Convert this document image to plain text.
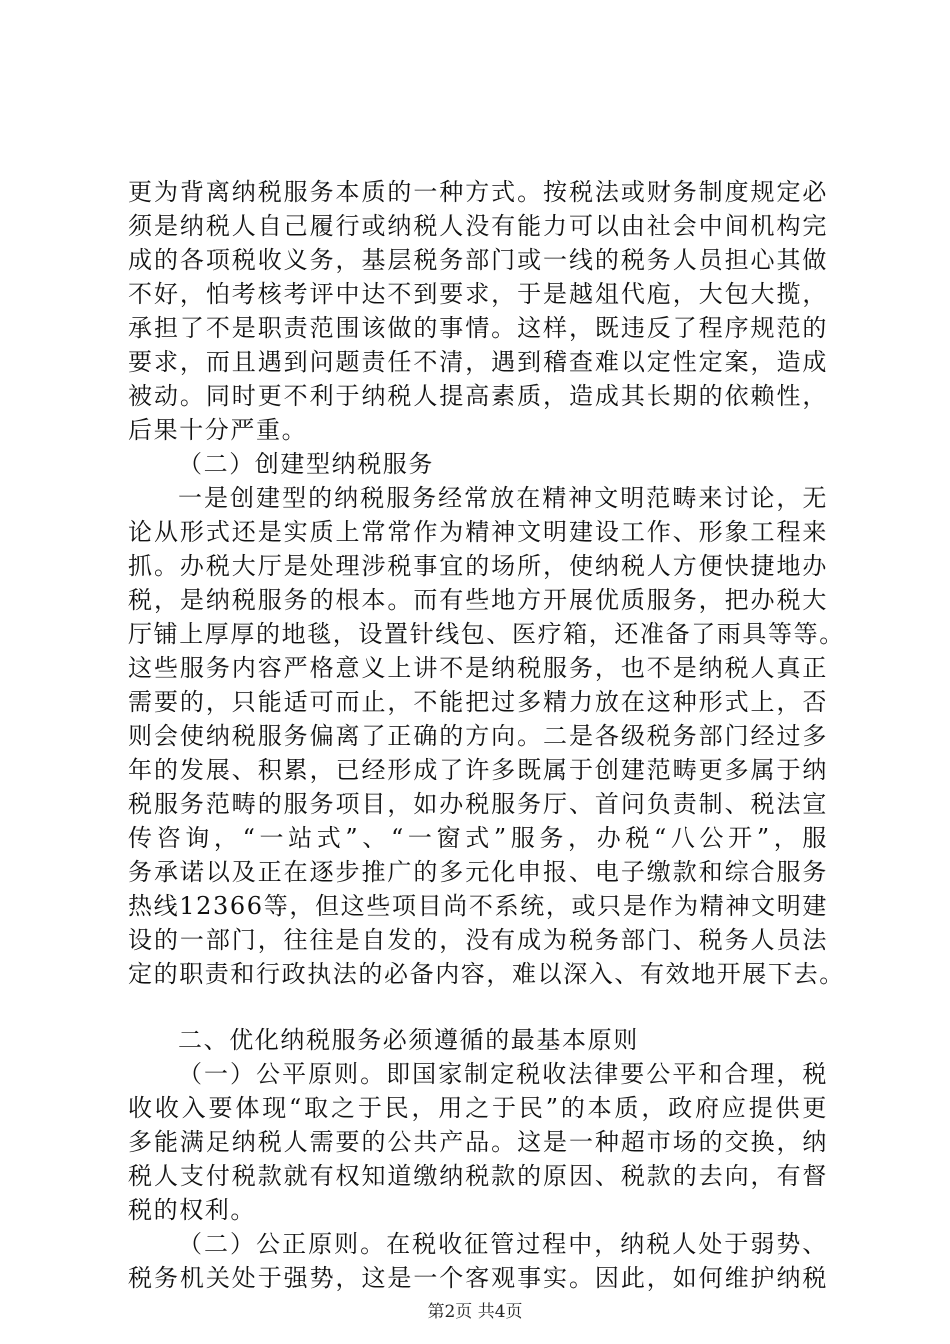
更为背离纳税服务本质的一种方式。按税法或财务制度规定必
须是纳税人自己履行或纳税人没有能力可以由社会中间机构完
成的各项税收义务，基层税务部门或一线的税务人员担心其做
不好，怕考核考评中达不到要求，于是越俎代庖，大包大揽，
承担了不是职责范围该做的事情。这样，既违反了程序规范的
要求，而且遇到问题责任不清，遇到稽查难以定性定案，造成
被动。同时更不利于纳税人提高素质，造成其长期的依赖性，
后果十分严重。
（二）创建型纳税服务
一是创建型的纳税服务经常放在精神文明范畴来讨论，无
论从形式还是实质上常常作为精神文明建设工作、形象工程来
抓。办税大厅是处理涉税事宜的场所，使纳税人方便快捷地办
税，是纳税服务的根本。而有些地方开展优质服务，把办税大
厅铺上厚厚的地毯，设置针线包、医疗箱，还准备了雨具等等。
这些服务内容严格意义上讲不是纳税服务，也不是纳税人真正
需要的，只能适可而止，不能把过多精力放在这种形式上，否
则会使纳税服务偏离了正确的方向。二是各级税务部门经过多
年的发展、积累，已经形成了许多既属于创建范畴更多属于纳
税服务范畴的服务项目，如办税服务厅、首问负责制、税法宣
传咨询，“一站式”、“一窗式”服务，办税“八公开”，服
务承诺以及正在逐步推广的多元化申报、电子缴款和综合服务
热线12366等，但这些项目尚不系统，或只是作为精神文明建
设的一部门，往往是自发的，没有成为税务部门、税务人员法
定的职责和行政执法的必备内容，难以深入、有效地开展下去。
二、优化纳税服务必须遵循的最基本原则
（一）公平原则。即国家制定税收法律要公平和合理，税
收收入要体现“取之于民，用之于民”的本质，政府应提供更
多能满足纳税人需要的公共产品。这是一种超市场的交换，纳
税人支付税款就有权知道缴纳税款的原因、税款的去向，有督
税的权利。
（二）公正原则。在税收征管过程中，纳税人处于弱势、
税务机关处于强势，这是一个客观事实。因此，如何维护纳税
第2页 共4页
